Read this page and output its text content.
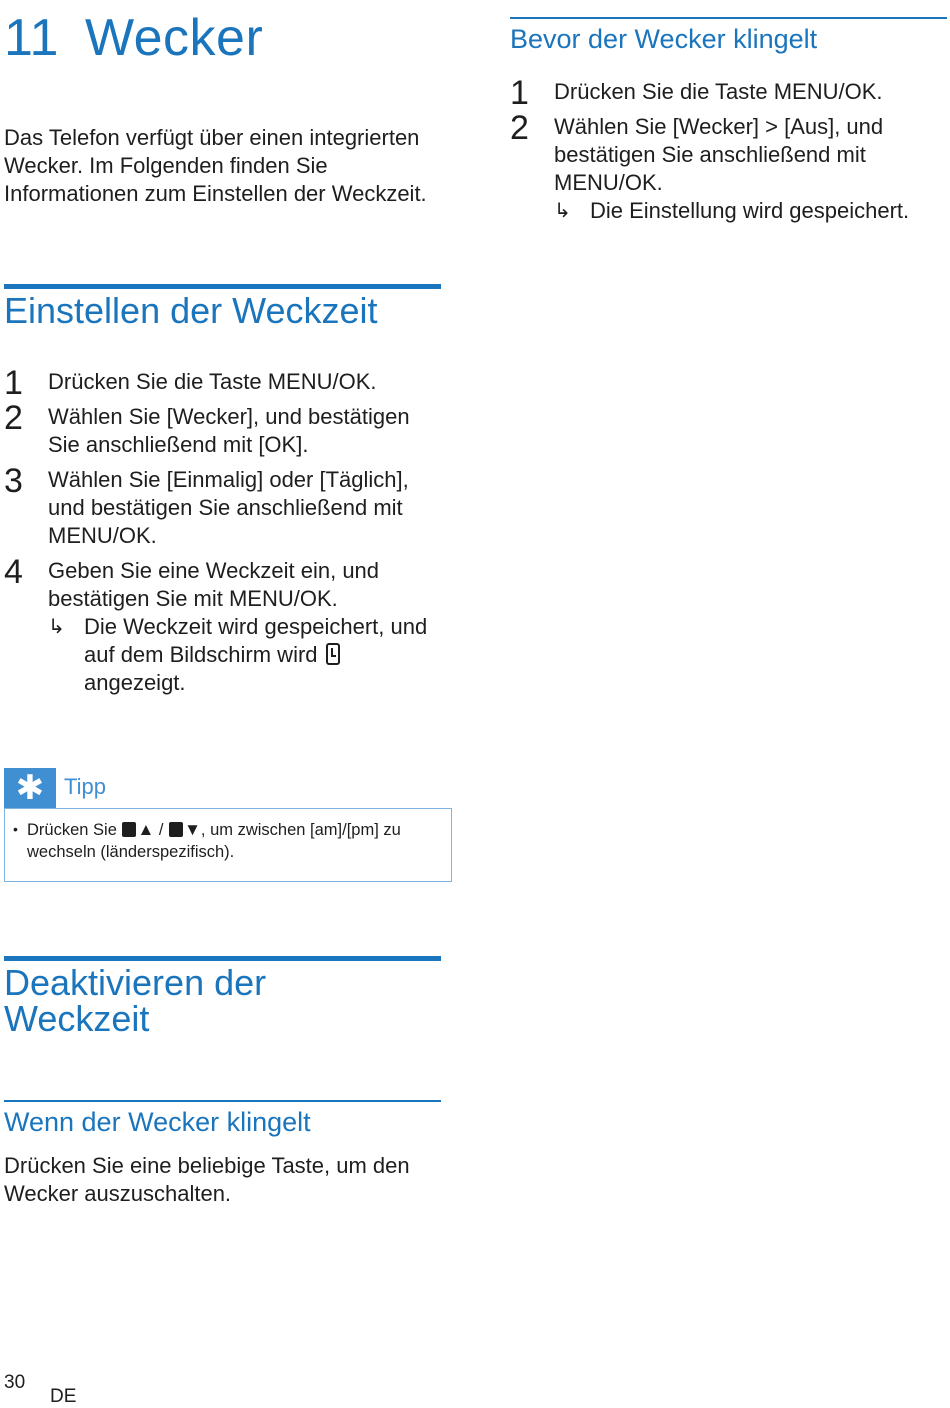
11 Wecker

Das Telefon verfügt über einen integrierten Wecker. Im Folgenden finden Sie Informationen zum Einstellen der Weckzeit.

Einstellen der Weckzeit
1 Drücken Sie die Taste MENU/OK.
2 Wählen Sie [Wecker], und bestätigen Sie anschließend mit [OK].
3 Wählen Sie [Einmalig] oder [Täglich], und bestätigen Sie anschließend mit MENU/OK.
4 Geben Sie eine Weckzeit ein, und bestätigen Sie mit MENU/OK.
↳ Die Weckzeit wird gespeichert, und auf dem Bildschirm wird  angezeigt.
✱ Tipp

• Drücken Sie ▲ / ▼, um zwischen [am]/[pm] zu wechseln (länderspezifisch).

Deaktivieren der
Weckzeit
Wenn der Wecker klingelt

Drücken Sie eine beliebige Taste, um den Wecker auszuschalten.

Bevor der Wecker klingelt
1 Drücken Sie die Taste MENU/OK.
2 Wählen Sie [Wecker] > [Aus], und bestätigen Sie anschließend mit MENU/OK.
↳ Die Einstellung wird gespeichert.
30
DE
